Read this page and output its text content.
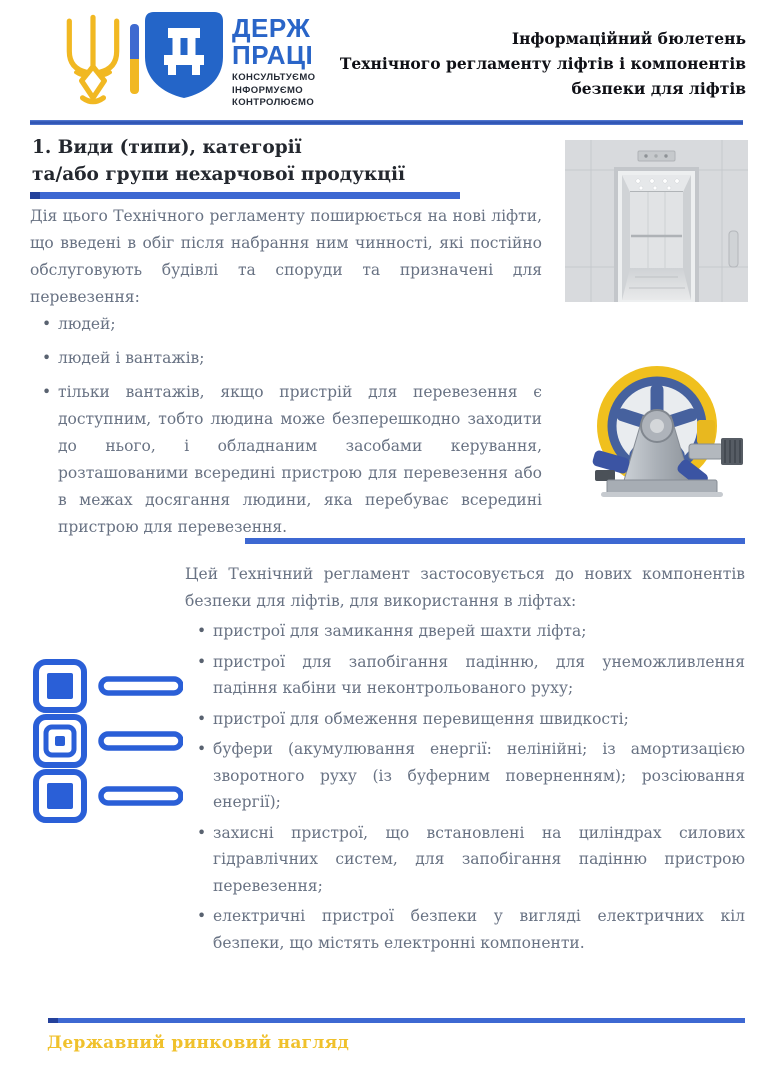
ДЕРЖ
ПРАЦІ
КОНСУЛЬТУЄМО
ІНФОРМУЄМО
КОНТРОЛЮЄМО
Інформаційний бюлетень
Технічного регламенту ліфтів і компонентів
безпеки для ліфтів
1. Види (типи), категорії
та/або групи нехарчової продукції
Дія цього Технічного регламенту поширюється на нові ліфти, що введені в обіг після набрання ним чинності, які постійно обслуговують будівлі та споруди та призначені для перевезення:
• людей;
• людей і вантажів;
• тільки вантажів, якщо пристрій для перевезення є доступним, тобто людина може безперешкодно заходити до нього, і обладнаним засобами керування, розташованими всередині пристрою для перевезення або в межах досягання людини, яка перебуває всередині пристрою для перевезення.
Цей Технічний регламент застосовується до нових компонентів безпеки для ліфтів, для використання в ліфтах:
• пристрої для замикання дверей шахти ліфта;
• пристрої для запобігання падінню, для унеможливлення падіння кабіни чи неконтрольованого руху;
• пристрої для обмеження перевищення швидкості;
• буфери (акумулювання енергії: нелінійні; із амортизацією зворотного руху (із буферним поверненням); розсіювання енергії);
• захисні пристрої, що встановлені на циліндрах силових гідравлічних систем, для запобігання падінню пристрою перевезення;
• електричні пристрої безпеки у вигляді електричних кіл безпеки, що містять електронні компоненти.
Державний ринковий нагляд
